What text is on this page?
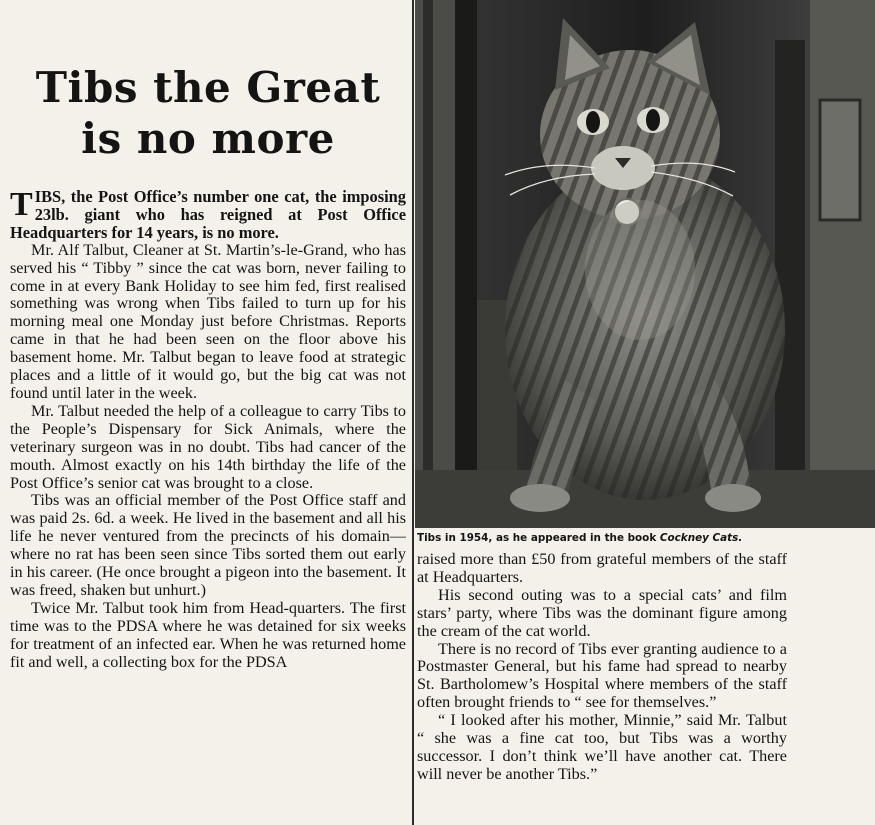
Tibs the Great
is no more

TIBS, the Post Office’s number one cat, the imposing 23lb. giant who has reigned at Post Office Headquarters for 14 years, is no more.

Mr. Alf Talbut, Cleaner at St. Martin’s-le-Grand, who has served his “ Tibby ” since the cat was born, never failing to come in at every Bank Holiday to see him fed, first realised something was wrong when Tibs failed to turn up for his morning meal one Monday just before Christmas. Reports came in that he had been seen on the floor above his basement home. Mr. Talbut began to leave food at strategic places and a little of it would go, but the big cat was not found until later in the week.

Mr. Talbut needed the help of a colleague to carry Tibs to the People’s Dispensary for Sick Animals, where the veterinary surgeon was in no doubt. Tibs had cancer of the mouth. Almost exactly on his 14th birthday the life of the Post Office’s senior cat was brought to a close.

Tibs was an official member of the Post Office staff and was paid 2s. 6d. a week. He lived in the basement and all his life he never ventured from the precincts of his domain—where no rat has been seen since Tibs sorted them out early in his career. (He once brought a pigeon into the basement. It was freed, shaken but unhurt.)

Twice Mr. Talbut took him from Head-quarters. The first time was to the PDSA where he was detained for six weeks for treatment of an infected ear. When he was returned home fit and well, a collecting box for the PDSA

Tibs in 1954, as he appeared in the book Cockney Cats.

raised more than £50 from grateful members of the staff at Headquarters.

His second outing was to a special cats’ and film stars’ party, where Tibs was the dominant figure among the cream of the cat world.

There is no record of Tibs ever granting audience to a Postmaster General, but his fame had spread to nearby St. Bartholomew’s Hospital where members of the staff often brought friends to “ see for themselves.”

“ I looked after his mother, Minnie,” said Mr. Talbut “ she was a fine cat too, but Tibs was a worthy successor. I don’t think we’ll have another cat. There will never be another Tibs.”
